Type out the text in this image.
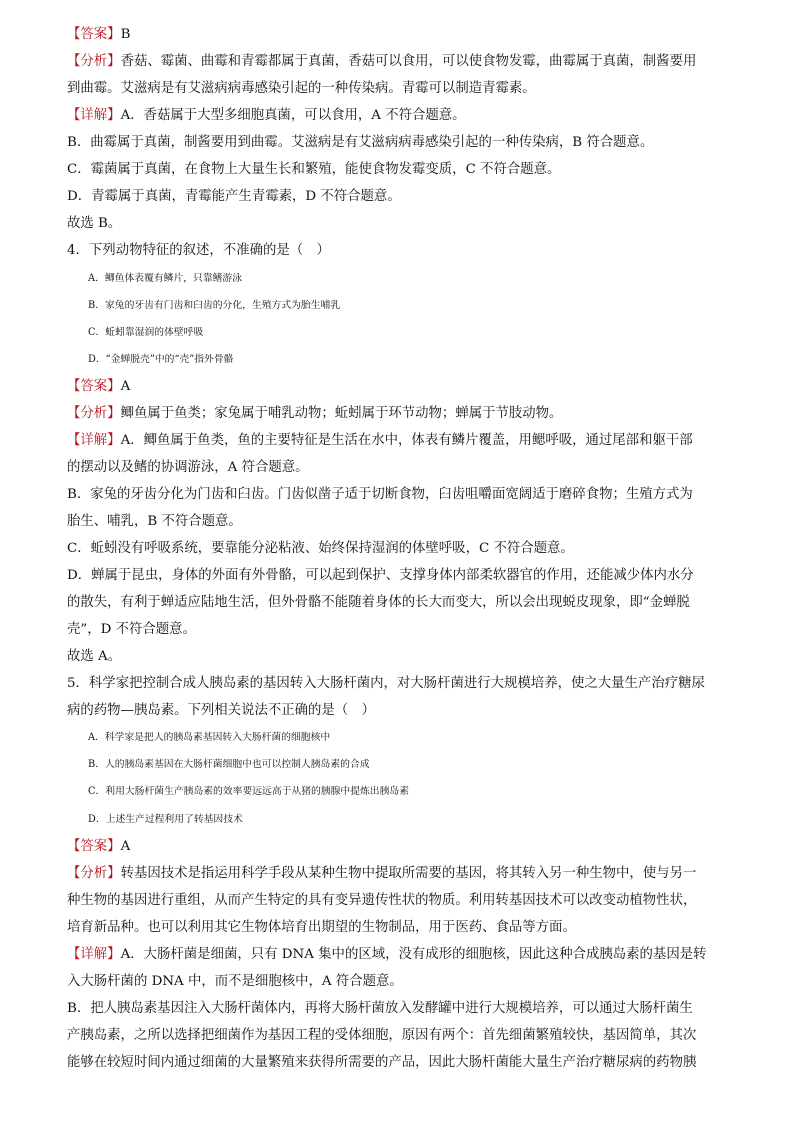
【答案】B
【分析】香菇、霉菌、曲霉和青霉都属于真菌，香菇可以食用，可以使食物发霉，曲霉属于真菌，制酱要用
到曲霉。艾滋病是有艾滋病病毒感染引起的一种传染病。青霉可以制造青霉素。
【详解】A．香菇属于大型多细胞真菌，可以食用，A 不符合题意。
B．曲霉属于真菌，制酱要用到曲霉。艾滋病是有艾滋病病毒感染引起的一种传染病，B 符合题意。
C．霉菌属于真菌，在食物上大量生长和繁殖，能使食物发霉变质，C 不符合题意。
D．青霉属于真菌，青霉能产生青霉素，D 不符合题意。
故选 B。
4．下列动物特征的叙述，不准确的是（　）
A．鲫鱼体表覆有鳞片，只靠鳍游泳
B．家兔的牙齿有门齿和臼齿的分化，生殖方式为胎生哺乳
C．蚯蚓靠湿润的体壁呼吸
D．“金蝉脱壳”中的“壳”指外骨骼
【答案】A
【分析】鲫鱼属于鱼类；家兔属于哺乳动物；蚯蚓属于环节动物；蝉属于节肢动物。
【详解】A．鲫鱼属于鱼类，鱼的主要特征是生活在水中，体表有鳞片覆盖，用鳃呼吸，通过尾部和躯干部
的摆动以及鳍的协调游泳，A 符合题意。
B．家兔的牙齿分化为门齿和臼齿。门齿似凿子适于切断食物，臼齿咀嚼面宽阔适于磨碎食物；生殖方式为
胎生、哺乳，B 不符合题意。
C．蚯蚓没有呼吸系统，要靠能分泌粘液、始终保持湿润的体壁呼吸，C 不符合题意。
D．蝉属于昆虫，身体的外面有外骨骼，可以起到保护、支撑身体内部柔软器官的作用，还能减少体内水分
的散失，有利于蝉适应陆地生活，但外骨骼不能随着身体的长大而变大，所以会出现蜕皮现象，即“金蝉脱
壳”，D 不符合题意。
故选 A。
5．科学家把控制合成人胰岛素的基因转入大肠杆菌内，对大肠杆菌进行大规模培养，使之大量生产治疗糖尿
病的药物—胰岛素。下列相关说法不正确的是（　）
A．科学家是把人的胰岛素基因转入大肠杆菌的细胞核中
B．人的胰岛素基因在大肠杆菌细胞中也可以控制人胰岛素的合成
C．利用大肠杆菌生产胰岛素的效率要远远高于从猪的胰腺中提炼出胰岛素
D．上述生产过程利用了转基因技术
【答案】A
【分析】转基因技术是指运用科学手段从某种生物中提取所需要的基因，将其转入另一种生物中，使与另一
种生物的基因进行重组，从而产生特定的具有变异遗传性状的物质。利用转基因技术可以改变动植物性状，
培育新品种。也可以利用其它生物体培育出期望的生物制品，用于医药、食品等方面。
【详解】A．大肠杆菌是细菌，只有 DNA 集中的区域，没有成形的细胞核，因此这种合成胰岛素的基因是转
入大肠杆菌的 DNA 中，而不是细胞核中，A 符合题意。
B．把人胰岛素基因注入大肠杆菌体内，再将大肠杆菌放入发酵罐中进行大规模培养，可以通过大肠杆菌生
产胰岛素，之所以选择把细菌作为基因工程的受体细胞，原因有两个：首先细菌繁殖较快，基因简单，其次
能够在较短时间内通过细菌的大量繁殖来获得所需要的产品，因此大肠杆菌能大量生产治疗糖尿病的药物胰
